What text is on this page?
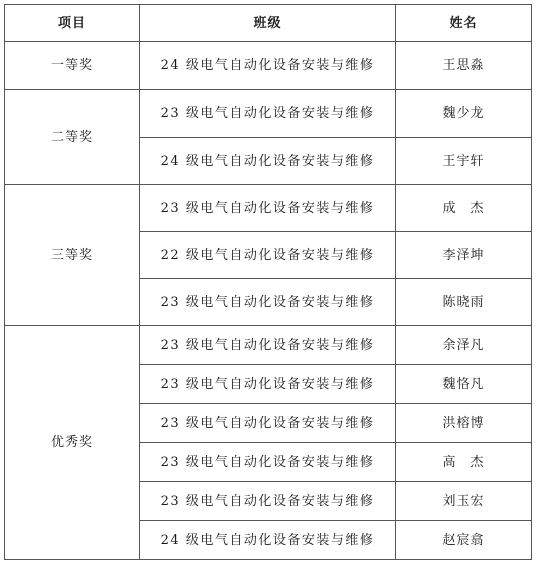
项目	班级	姓名
一等奖	24 级电气自动化设备安装与维修	王思淼
二等奖	23 级电气自动化设备安装与维修	魏少龙
	24 级电气自动化设备安装与维修	王宇轩
三等奖	23 级电气自动化设备安装与维修	成　杰
	22 级电气自动化设备安装与维修	李泽坤
	23 级电气自动化设备安装与维修	陈晓雨
优秀奖	23 级电气自动化设备安装与维修	余泽凡
	23 级电气自动化设备安装与维修	魏恪凡
	23 级电气自动化设备安装与维修	洪榕博
	23 级电气自动化设备安装与维修	高　杰
	23 级电气自动化设备安装与维修	刘玉宏
	24 级电气自动化设备安装与维修	赵宸翕
